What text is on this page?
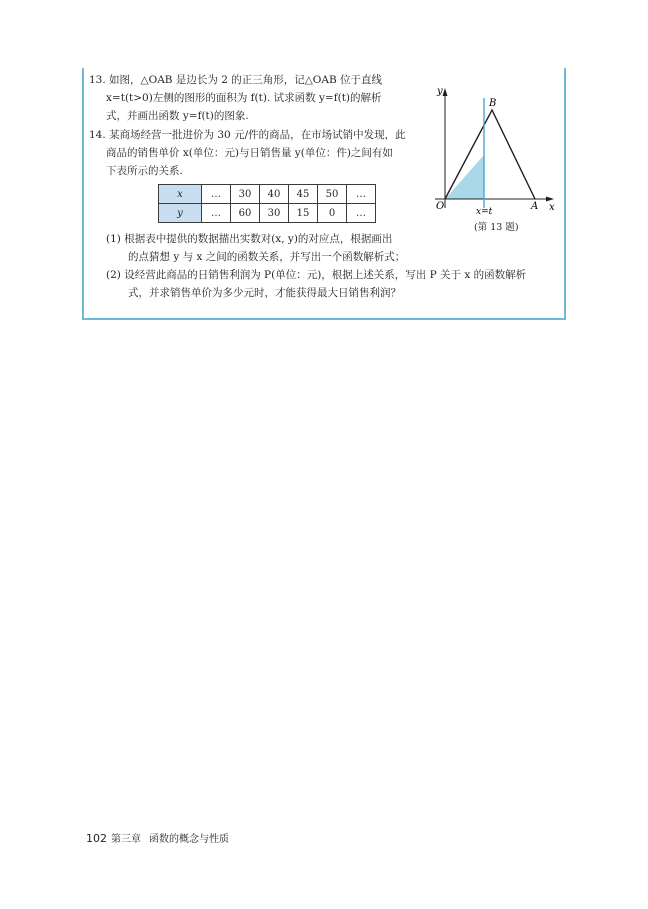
13. 如图，△OAB 是边长为 2 的正三角形，记△OAB 位于直线
x=t(t>0)左侧的图形的面积为 f(t). 试求函数 y=f(t)的解析
式，并画出函数 y=f(t)的图象.
14. 某商场经营一批进价为 30 元/件的商品，在市场试销中发现，此
商品的销售单价 x(单位：元)与日销售量 y(单位：件)之间有如
下表所示的关系.
x	…	30	40	45	50	…
y	…	60	30	15	0	…
(1) 根据表中提供的数据描出实数对(x, y)的对应点，根据画出
的点猜想 y 与 x 之间的函数关系，并写出一个函数解析式；
(2) 设经营此商品的日销售利润为 P(单位：元)，根据上述关系，写出 P 关于 x 的函数解析
式，并求销售单价为多少元时，才能获得最大日销售利润？
y
x
O	A
B
x=t
(第 13 题)
102 第三章 函数的概念与性质
